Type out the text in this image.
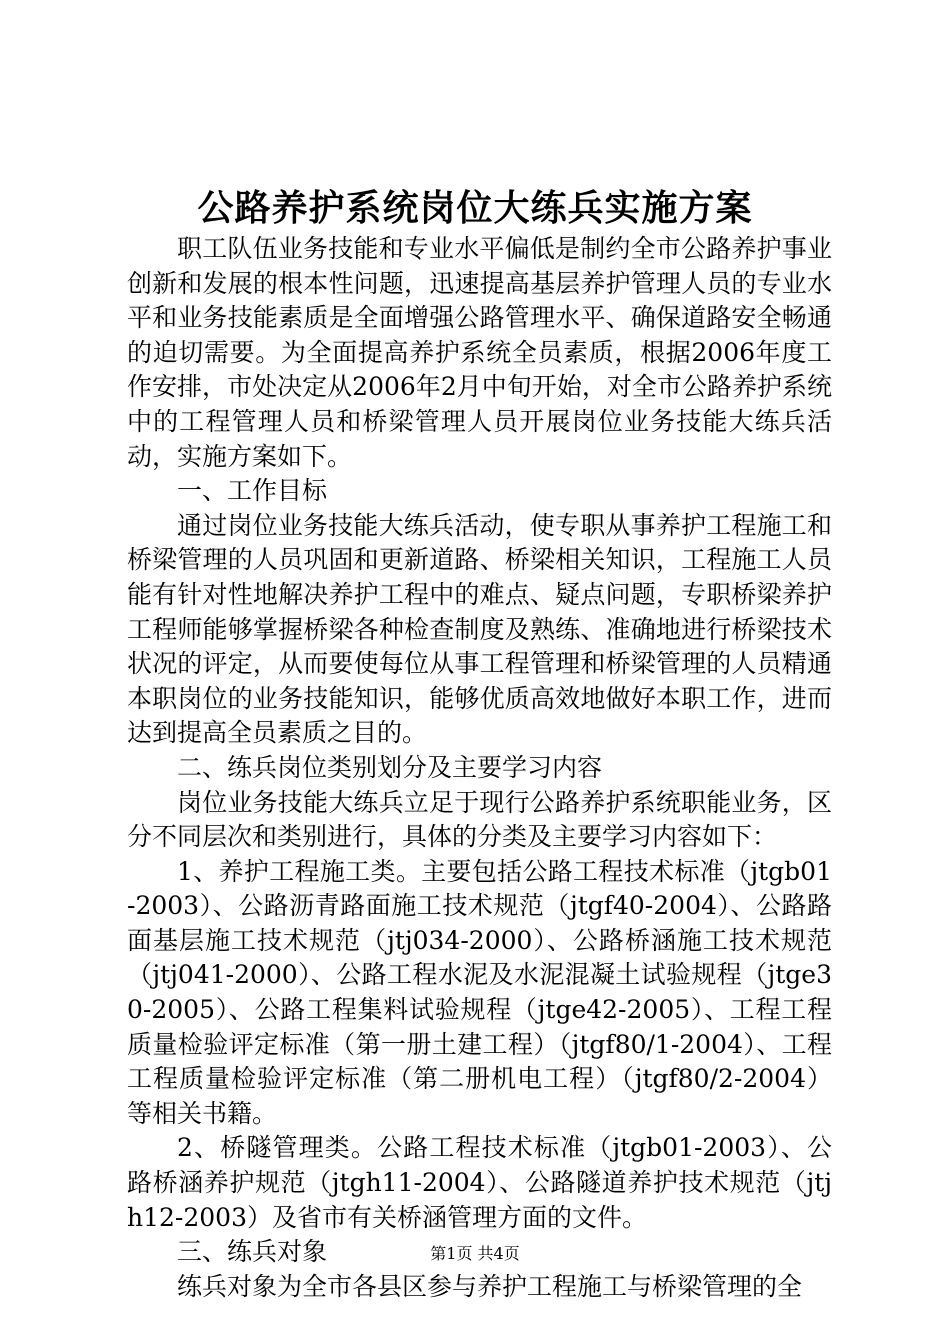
公路养护系统岗位大练兵实施方案

职工队伍业务技能和专业水平偏低是制约全市公路养护事业创新和发展的根本性问题，迅速提高基层养护管理人员的专业水平和业务技能素质是全面增强公路管理水平、确保道路安全畅通的迫切需要。为全面提高养护系统全员素质，根据2006年度工作安排，市处决定从2006年2月中旬开始，对全市公路养护系统中的工程管理人员和桥梁管理人员开展岗位业务技能大练兵活动，实施方案如下。

一、工作目标

通过岗位业务技能大练兵活动，使专职从事养护工程施工和桥梁管理的人员巩固和更新道路、桥梁相关知识，工程施工人员能有针对性地解决养护工程中的难点、疑点问题，专职桥梁养护工程师能够掌握桥梁各种检查制度及熟练、准确地进行桥梁技术状况的评定，从而要使每位从事工程管理和桥梁管理的人员精通本职岗位的业务技能知识，能够优质高效地做好本职工作，进而达到提高全员素质之目的。

二、练兵岗位类别划分及主要学习内容

岗位业务技能大练兵立足于现行公路养护系统职能业务，区分不同层次和类别进行，具体的分类及主要学习内容如下：

1、养护工程施工类。主要包括公路工程技术标准（jtgb01-2003）、公路沥青路面施工技术规范（jtgf40-2004）、公路路面基层施工技术规范（jtj034-2000）、公路桥涵施工技术规范（jtj041-2000）、公路工程水泥及水泥混凝土试验规程（jtge30-2005）、公路工程集料试验规程（jtge42-2005）、工程工程质量检验评定标准（第一册土建工程）（jtgf80/1-2004）、工程工程质量检验评定标准（第二册机电工程）（jtgf80/2-2004）等相关书籍。

2、桥隧管理类。公路工程技术标准（jtgb01-2003）、公路桥涵养护规范（jtgh11-2004）、公路隧道养护技术规范（jtjh12-2003）及省市有关桥涵管理方面的文件。

三、练兵对象

练兵对象为全市各县区参与养护工程施工与桥梁管理的全

第1页 共4页
